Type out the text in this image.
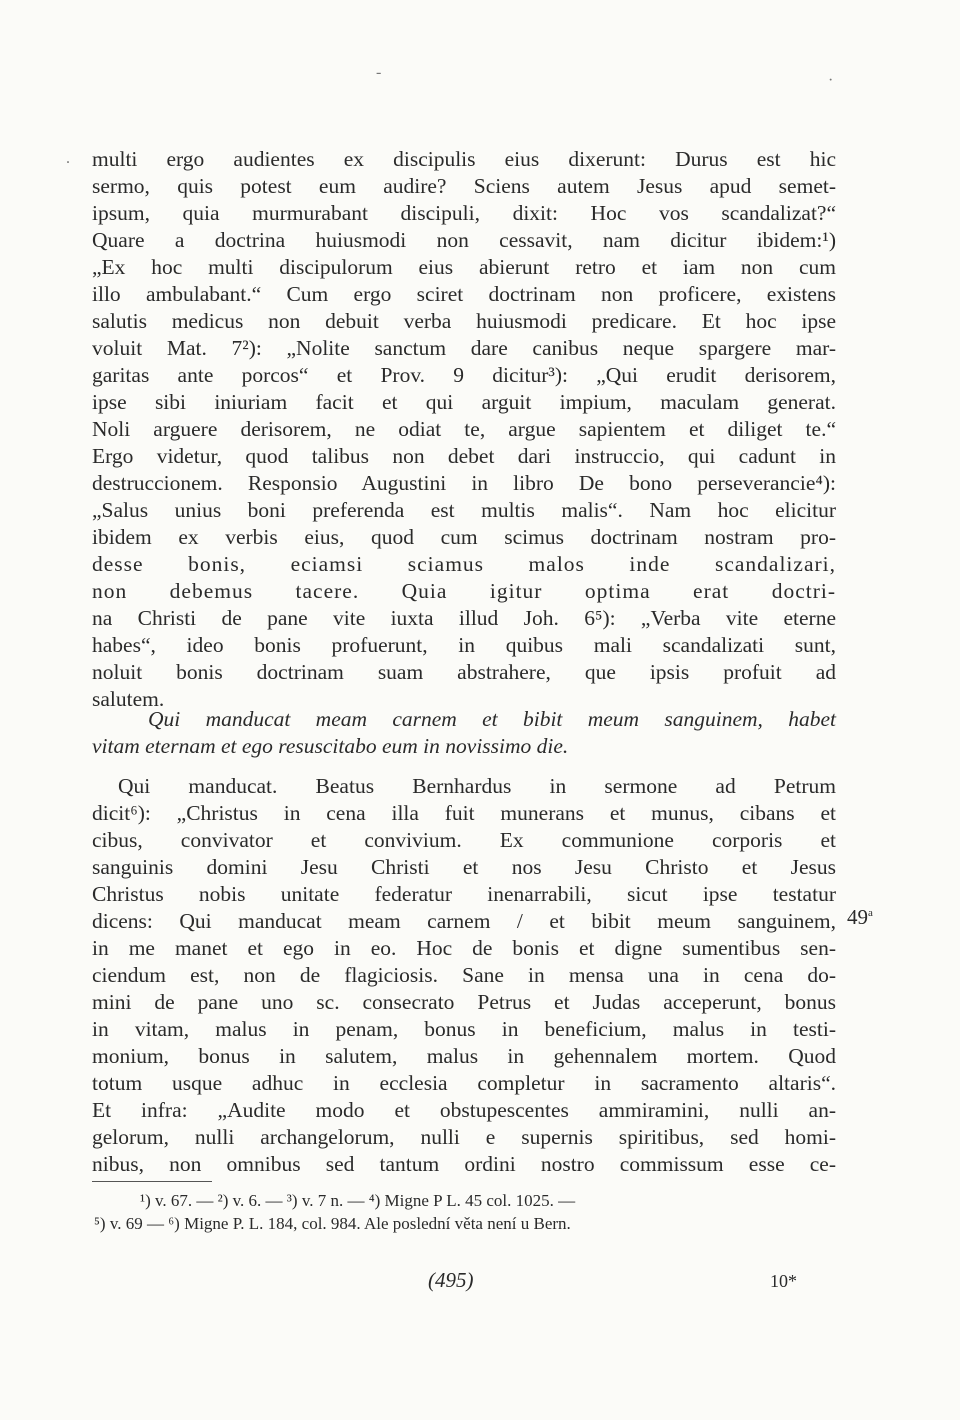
-	·
. multi ergo audientes ex discipulis eius dixerunt: Durus est hic
sermo, quis potest eum audire? Sciens autem Jesus apud semet-
ipsum, quia murmurabant discipuli, dixit: Hoc vos scandalizat?“
Quare a doctrina huiusmodi non cessavit, nam dicitur ibidem:¹)
„Ex hoc multi discipulorum eius abierunt retro et iam non cum
illo ambulabant.“ Cum ergo sciret doctrinam non proficere, existens
salutis medicus non debuit verba huiusmodi predicare. Et hoc ipse
voluit Mat. 7²): „Nolite sanctum dare canibus neque spargere mar-
garitas ante porcos“ et Prov. 9 dicitur³): „Qui erudit derisorem,
ipse sibi iniuriam facit et qui arguit impium, maculam generat.
Noli arguere derisorem, ne odiat te, argue sapientem et diliget te.“
Ergo videtur, quod talibus non debet dari instruccio, qui cadunt in
destruccionem. Responsio Augustini in libro De bono perseverancie⁴):
„Salus unius boni preferenda est multis malis“. Nam hoc elicitur
ibidem ex verbis eius, quod cum scimus doctrinam nostram pro-
desse bonis, eciamsi sciamus malos inde scandalizari,
non debemus tacere. Quia igitur optima erat doctri-
na Christi de pane vite iuxta illud Joh. 6⁵): „Verba vite eterne
habes“, ideo bonis profuerunt, in quibus mali scandalizati sunt,
noluit bonis doctrinam suam abstrahere, que ipsis profuit ad
salutem.
Qui manducat meam carnem et bibit meum sanguinem, habet
vitam eternam et ego resuscitabo eum in novissimo die.
Qui manducat. Beatus Bernhardus in sermone ad Petrum
dicit⁶): „Christus in cena illa fuit munerans et munus, cibans et
cibus, convivator et convivium. Ex communione corporis et
sanguinis domini Jesu Christi et nos Jesu Christo et Jesus
Christus nobis unitate federatur inenarrabili, sicut ipse testatur
dicens: Qui manducat meam carnem / et bibit meum sanguinem,
in me manet et ego in eo. Hoc de bonis et digne sumentibus sen-
ciendum est, non de flagiciosis. Sane in mensa una in cena do-
mini de pane uno sc. consecrato Petrus et Judas acceperunt, bonus
in vitam, malus in penam, bonus in beneficium, malus in testi-
monium, bonus in salutem, malus in gehennalem mortem. Quod
totum usque adhuc in ecclesia completur in sacramento altaris“.
Et infra: „Audite modo et obstupescentes ammiramini, nulli an-
gelorum, nulli archangelorum, nulli e supernis spiritibus, sed homi-
nibus, non omnibus sed tantum ordini nostro commissum esse ce-
49$^a$
¹) v. 67. — ²) v. 6. — ³) v. 7 n. — ⁴) Migne P L. 45 col. 1025. —
⁵) v. 69 — ⁶) Migne P. L. 184, col. 984. Ale poslední věta není u Bern.
(495)	10*
